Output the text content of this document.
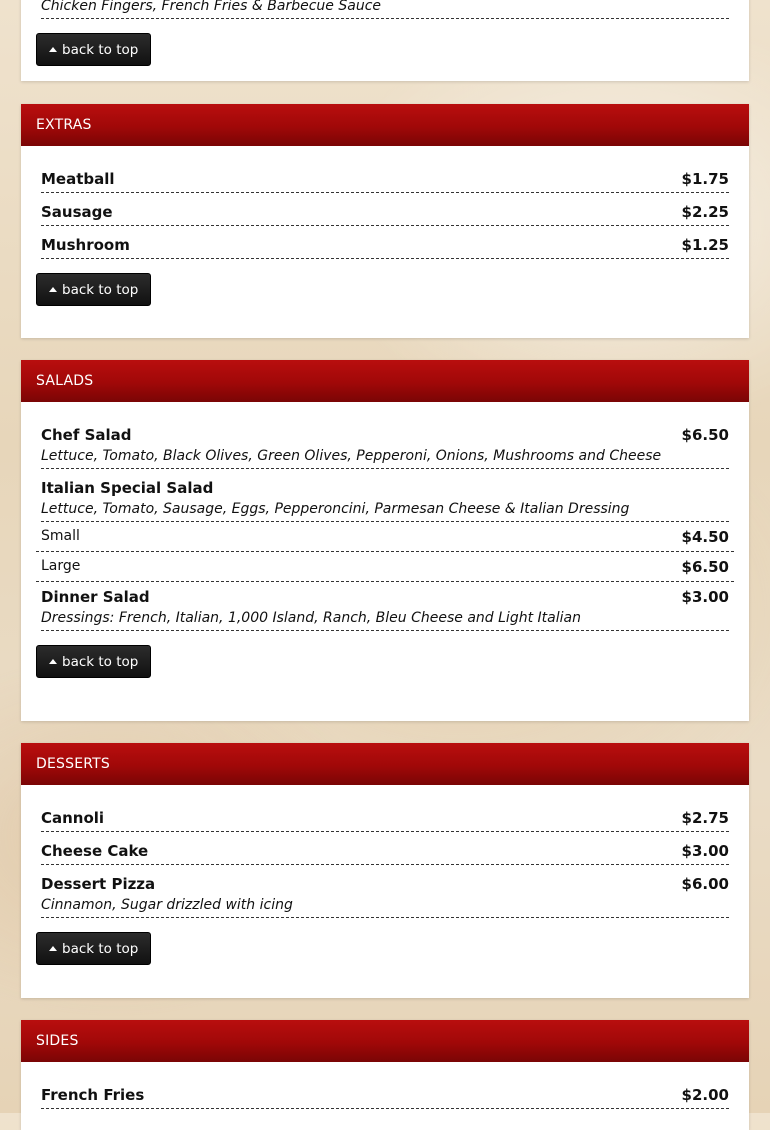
Chicken Fingers, French Fries & Barbecue Sauce
back to top
EXTRAS
Meatball	$1.75
Sausage	$2.25
Mushroom	$1.25
back to top
SALADS
Chef Salad	$6.50
Lettuce, Tomato, Black Olives, Green Olives, Pepperoni, Onions, Mushrooms and Cheese
Italian Special Salad
Lettuce, Tomato, Sausage, Eggs, Pepperoncini, Parmesan Cheese & Italian Dressing
Small	$4.50
Large	$6.50
Dinner Salad	$3.00
Dressings: French, Italian, 1,000 Island, Ranch, Bleu Cheese and Light Italian
back to top
DESSERTS
Cannoli	$2.75
Cheese Cake	$3.00
Dessert Pizza	$6.00
Cinnamon, Sugar drizzled with icing
back to top
SIDES
French Fries	$2.00
